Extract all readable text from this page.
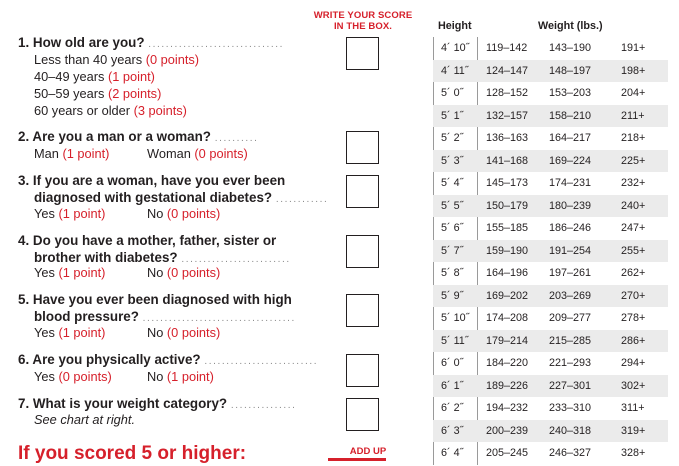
WRITE YOUR SCORE
IN THE BOX.
1. How old are you? ...............................
Less than 40 years (0 points)
40–49 years (1 point)
50–59 years (2 points)
60 years or older (3 points)
2. Are you a man or a woman? ..........
Man (1 point)	Woman (0 points)
3. If you are a woman, have you ever been
diagnosed with gestational diabetes? ............
Yes (1 point)	No (0 points)
4. Do you have a mother, father, sister or
brother with diabetes? .........................
Yes (1 point)	No (0 points)
5. Have you ever been diagnosed with high
blood pressure? ...................................
Yes (1 point)	No (0 points)
6. Are you physically active? ..........................
Yes (0 points)	No (1 point)
7. What is your weight category? ...............
See chart at right.
If you scored 5 or higher:	ADD UP
Height	Weight (lbs.)
4´ 10˝ 119–142 143–190	191+
4´ 11˝ 124–147 148–197	198+
5´ 0˝ 128–152 153–203	204+
5´ 1˝ 132–157 158–210	211+
5´ 2˝ 136–163 164–217	218+
5´ 3˝ 141–168 169–224	225+
5´ 4˝ 145–173 174–231	232+
5´ 5˝ 150–179 180–239	240+
5´ 6˝ 155–185 186–246	247+
5´ 7˝ 159–190 191–254	255+
5´ 8˝ 164–196 197–261	262+
5´ 9˝ 169–202 203–269	270+
5´ 10˝ 174–208 209–277	278+
5´ 11˝ 179–214 215–285	286+
6´ 0˝ 184–220 221–293	294+
6´ 1˝ 189–226 227–301	302+
6´ 2˝ 194–232 233–310	311+
6´ 3˝ 200–239 240–318	319+
6´ 4˝ 205–245 246–327	328+
